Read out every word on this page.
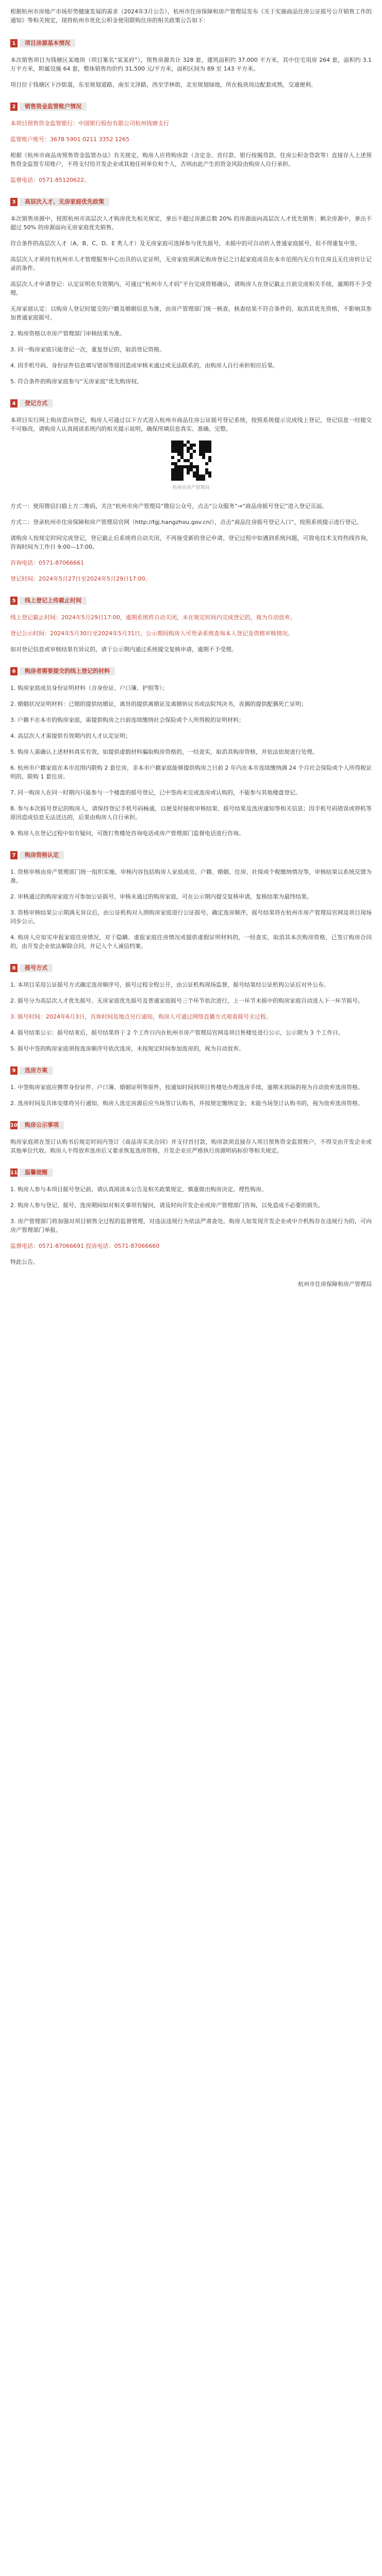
根据杭州市房地产市场形势健康发展的需求（2024年3月公告），杭州市住房保障和房产管理局发布《关于实施商品住房公证摇号公开销售工作的通知》等相关规定，现将杭州市优化公积金使用限购住房的相关政策公告如下：

1	项目房源基本情况

本次销售项目为钱塘区某地块（项目案名“某某府”），预售房源共计 328 套，建筑面积约 37,000 平方米，其中住宅用房 264 套，面积约 3.1 万平方米，附属设施 64 套，整体销售均价约 31,500 元/平方米，面积区间为 89 至 143 平方米。

项目位于钱塘区下沙街道，东至规划道路，南至文泽路，西至学林街，北至规划绿地，所在板块周边配套成熟，交通便利。

2	销售资金监管账户情况

本项目预售资金监管银行：中国银行股份有限公司杭州钱塘支行

监管账户账号：3678 5901 0211 3352 1265

根据《杭州市商品房预售资金监管办法》有关规定，购房人应将购房款（含定金、首付款、银行按揭贷款、住房公积金贷款等）直接存入上述预售资金监管专用账户，不得支付给开发企业或其他任何单位和个人，否则由此产生的资金风险由购房人自行承担。

监督电话：0571-85120622。

3	高层次人才、无房家庭优先政策

本次销售房源中，按照杭州市高层次人才购房优先相关规定，拿出不超过房源总数 20% 的房源面向高层次人才优先销售；剩余房源中，拿出不超过 50% 的房源面向无房家庭优先销售。

符合条件的高层次人才（A、B、C、D、E 类人才）及无房家庭可选择参与优先摇号，未摇中的可自动转入普通家庭摇号，但不得重复中签。

高层次人才须持有杭州市人才管理服务中心出具的认定证明，无房家庭须满足购房登记之日起家庭成员在本市范围内无自有住房且无住房转让记录的条件。

高层次人才申请登记：认定证明在有效期内，可通过“杭州市人才码”平台完成资格确认，请购房人在登记截止日前完成相关手续，逾期将不予受理。

无房家庭认定：以购房人登记时提交的户籍及婚姻信息为准，由房产管理部门统一核查，核查结果不符合条件的，取消其优先资格，不影响其参加普通家庭摇号。

2. 购房资格以市房产管理部门审核结果为准。

3. 同一购房家庭只能登记一次，重复登记的，取消登记资格。

4. 因手机号码、身份证件信息填写错误等原因造成审核未通过或无法联系的，由购房人自行承担相应后果。

5. 符合条件的购房家庭参与“无房家庭”优先购房权。

4	登记方式

本项目实行网上购房意向登记，购房人可通过以下方式进入杭州市商品住房公证摇号登记系统，按照系统提示完成线上登记，登记信息一经提交不可修改。请购房人认真阅读系统内的相关提示说明，确保所填信息真实、准确、完整。

杭州市房产管理局

方式一：使用微信扫描上方二维码，关注“杭州市房产管理局”微信公众号，点击“公众服务”→“商品房摇号登记”进入登记页面。

方式二：登录杭州市住房保障和房产管理局官网（http://fgj.hangzhou.gov.cn/），点击“商品住房摇号登记入口”，按照系统提示进行登记。

请购房人按规定时间完成登记，登记截止后系统将自动关闭，不再接受新的登记申请。登记过程中如遇到系统问题，可致电技术支持热线咨询，咨询时间为工作日 9:00—17:00。

咨询电话：0571-87066661

登记时间：2024年5月27日至2024年5月29日17:00。

5	线上登记上传截止时间

线上登记截止时间：2024年5月29日17:00，逾期系统将自动关闭，未在规定时间内完成登记的，视为自动放弃。

登记公示时间：2024年5月30日至2024年5月31日，公示期间购房人可登录系统查询本人登记及资格审核情况。

如对登记信息或审核结果有异议的，请于公示期内通过系统提交复核申请，逾期不予受理。

6	购房者需要提交的线上登记的材料

1. 购房家庭成员身份证明材料（含身份证、户口簿、护照等）；

2. 婚姻状况证明材料：已婚的提供结婚证，离异的提供离婚证及离婚协议书或法院判决书，丧偶的提供配偶死亡证明；

3. 户籍不在本市的购房家庭，需提供购房之日前连续缴纳社会保险或个人所得税的证明材料；

4. 高层次人才需提供有效期内的人才认定证明；

5. 购房人需确认上述材料真实有效，如提供虚假材料骗取购房资格的，一经查实，取消其购房资格，并依法依规进行处理。

6. 杭州市户籍家庭在本市范围内限购 2 套住房，非本市户籍家庭能够提供购房之日前 2 年内在本市连续缴纳满 24 个月社会保险或个人所得税证明的，限购 1 套住房。

7. 同一购房人在同一时期内只能参与一个楼盘的摇号登记，已中签尚未完成选房或认购的，不能参与其他楼盘登记。

8. 参与本次摇号登记的购房人，请保持登记手机号码畅通，以便及时接收审核结果、摇号结果及选房通知等相关信息；因手机号码错误或停机等原因造成信息无法送达的，后果由购房人自行承担。

9. 购房人在登记过程中如有疑问，可拨打售楼处咨询电话或房产管理部门监督电话进行咨询。

7	购房资格认定

1. 资格审核由房产管理部门统一组织实施，审核内容包括购房人家庭成员、户籍、婚姻、住房、社保或个税缴纳情况等，审核结果以系统反馈为准。

2. 审核通过的购房家庭方可参加公证摇号，审核未通过的购房家庭，可在公示期内提交复核申请，复核结果为最终结果。

3. 资格审核结果公示期满无异议后，由公证机构对入围购房家庭进行公证摇号，确定选房顺序，摇号结果将在杭州市房产管理局官网及项目现场同步公示。

4. 购房人应如实申报家庭住房情况，对于隐瞒、虚报家庭住房情况或提供虚假证明材料的，一经查实，取消其本次购房资格，已签订购房合同的，由开发企业依法解除合同，并记入个人诚信档案。

8	摇号方式

1. 本项目采用公证摇号方式确定选房顺序号，摇号过程全程公开，由公证机构现场监督，摇号结果经公证机构公证后对外公布。

2. 摇号分为高层次人才优先摇号、无房家庭优先摇号及普通家庭摇号三个环节依次进行，上一环节未摇中的购房家庭自动进入下一环节摇号。

3. 摇号时间：2024年6月3日，具体时间及地点另行通知，购房人可通过网络直播方式观看摇号全过程。

4. 摇号结果公示：摇号结束后，摇号结果将于 2 个工作日内在杭州市房产管理局官网及项目售楼处进行公示，公示期为 3 个工作日。

5. 摇号中签的购房家庭须按选房顺序号依次选房，未按规定时间参加选房的，视为自动放弃。

9	选房方案

1. 中签购房家庭应携带身份证件、户口簿、婚姻证明等原件，按通知时间到项目售楼处办理选房手续，逾期未到场的视为自动放弃选房资格。

2. 选房时间及具体安排将另行通知，购房人选定房源后应当场签订认购书，并按规定缴纳定金；未能当场签订认购书的，视为放弃选房资格。

10	购房公示事项

购房家庭须在签订认购书后规定时间内签订《商品房买卖合同》并支付首付款，购房款须直接存入项目预售资金监管账户，不得交由开发企业或其他单位代收。购房人不得放弃选房后又要求恢复选房资格，开发企业应严格执行房源明码标价等相关规定。

11	温馨提醒

1. 购房人参与本项目摇号登记前，请认真阅读本公告及相关政策规定，慎重做出购房决定，理性购房。

2. 购房人参与登记、摇号、选房期间如对相关事项有疑问，请及时向开发企业或房产管理部门咨询，以免造成不必要的损失。

3. 房产管理部门将加强对项目销售全过程的监督管理，对违法违规行为依法严肃查处。购房人如发现开发企业或中介机构存在违规行为的，可向房产管理部门举报。

监督电话：0571-87066691 投诉电话：0571-87066660

特此公告。

杭州市住房保障和房产管理局
